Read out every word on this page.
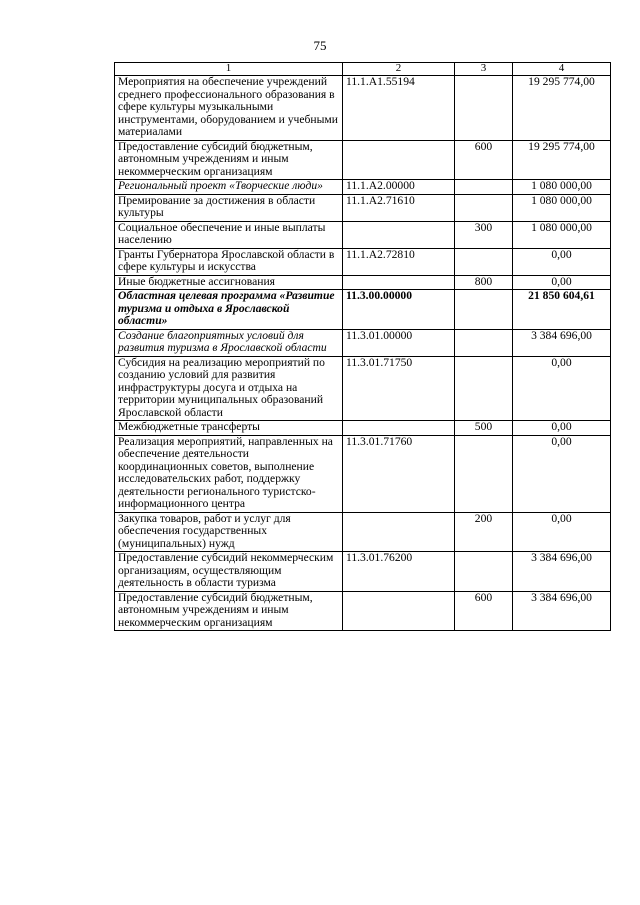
75
1	2	3	4
Мероприятия на обеспечение учреждений среднего профессионального образования в сфере культуры музыкальными инструментами, оборудованием и учебными материалами	11.1.А1.55194		19 295 774,00
Предоставление субсидий бюджетным, автономным учреждениям и иным некоммерческим организациям		600	19 295 774,00
Региональный проект «Творческие люди»	11.1.А2.00000		1 080 000,00
Премирование за достижения в области культуры	11.1.А2.71610		1 080 000,00
Социальное обеспечение и иные выплаты населению		300	1 080 000,00
Гранты Губернатора Ярославской области в сфере культуры и искусства	11.1.А2.72810		0,00
Иные бюджетные ассигнования		800	0,00
Областная целевая программа «Развитие туризма и отдыха в Ярославской области»	11.3.00.00000		21 850 604,61
Создание благоприятных условий для развития туризма в Ярославской области	11.3.01.00000		3 384 696,00
Субсидия на реализацию мероприятий по созданию условий для развития инфраструктуры досуга и отдыха на территории муниципальных образований Ярославской области	11.3.01.71750		0,00
Межбюджетные трансферты		500	0,00
Реализация мероприятий, направленных на обеспечение деятельности координационных советов, выполнение исследовательских работ, поддержку деятельности регионального туристско-информационного центра	11.3.01.71760		0,00
Закупка товаров, работ и услуг для обеспечения государственных (муниципальных) нужд		200	0,00
Предоставление субсидий некоммерческим организациям, осуществляющим деятельность в области туризма	11.3.01.76200		3 384 696,00
Предоставление субсидий бюджетным, автономным учреждениям и иным некоммерческим организациям		600	3 384 696,00
